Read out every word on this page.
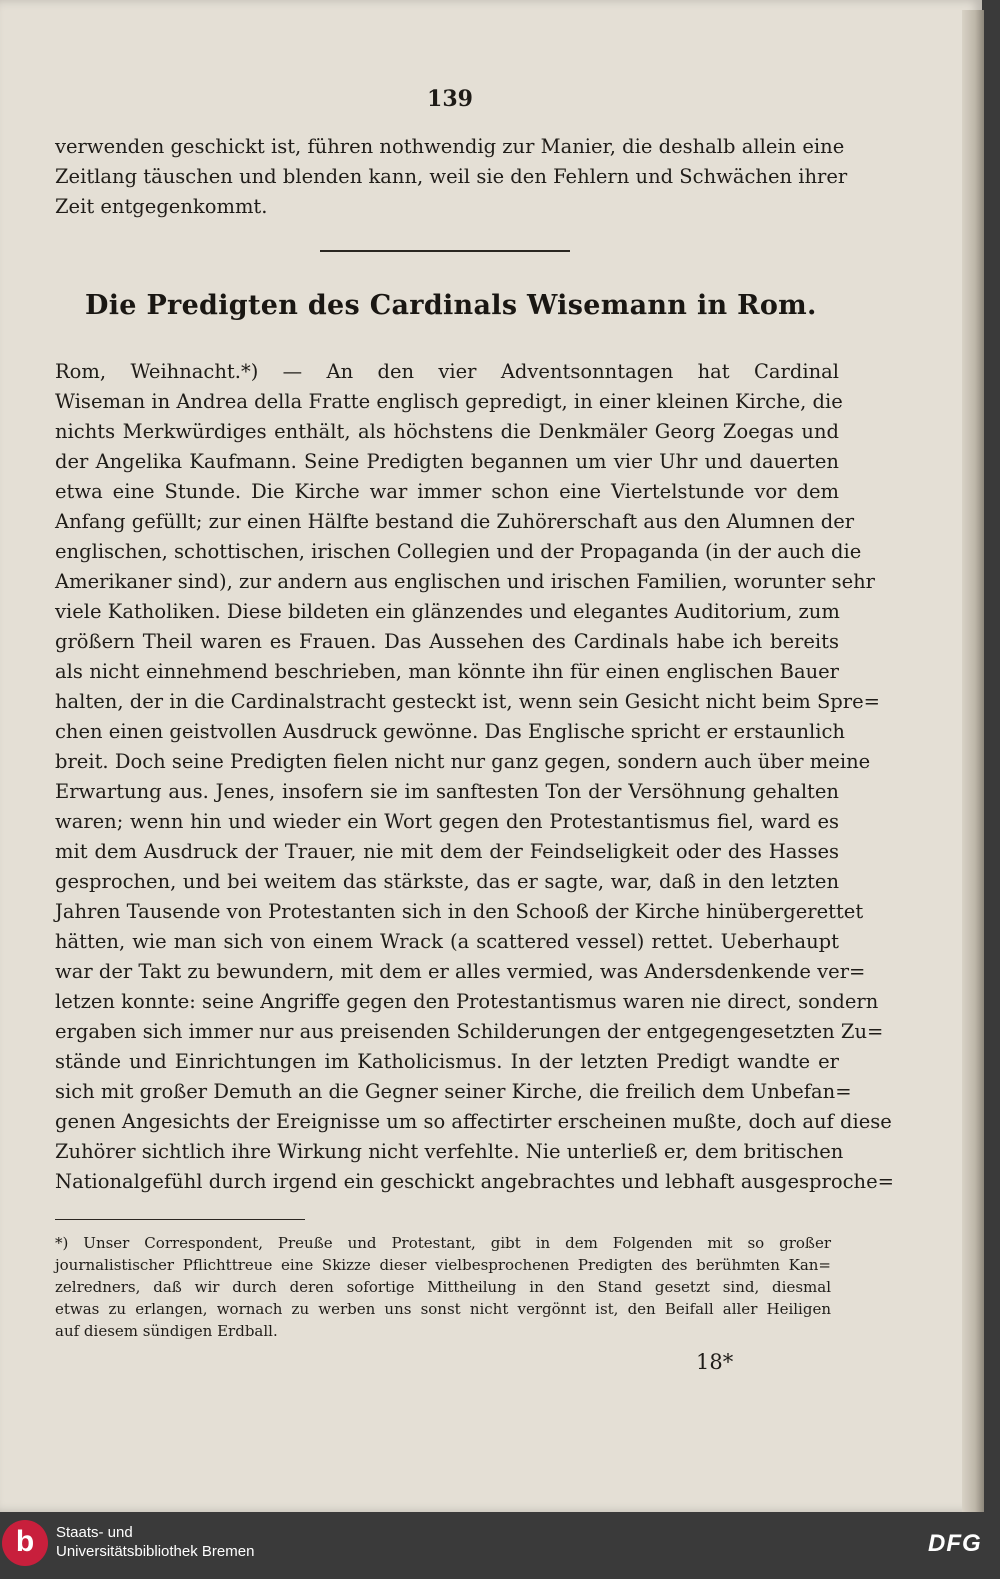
139
verwenden geschickt ist, führen nothwendig zur Manier, die deshalb allein eine
Zeitlang täuschen und blenden kann, weil sie den Fehlern und Schwächen ihrer
Zeit entgegenkommt.
Die Predigten des Cardinals Wisemann in Rom.
Rom, Weihnacht.*) — An den vier Adventsonntagen hat Cardinal
Wiseman in Andrea della Fratte englisch gepredigt, in einer kleinen Kirche, die
nichts Merkwürdiges enthält, als höchstens die Denkmäler Georg Zoegas und
der Angelika Kaufmann. Seine Predigten begannen um vier Uhr und dauerten
etwa eine Stunde. Die Kirche war immer schon eine Viertelstunde vor dem
Anfang gefüllt; zur einen Hälfte bestand die Zuhörerschaft aus den Alumnen der
englischen, schottischen, irischen Collegien und der Propaganda (in der auch die
Amerikaner sind), zur andern aus englischen und irischen Familien, worunter sehr
viele Katholiken. Diese bildeten ein glänzendes und elegantes Auditorium, zum
größern Theil waren es Frauen. Das Aussehen des Cardinals habe ich bereits
als nicht einnehmend beschrieben, man könnte ihn für einen englischen Bauer
halten, der in die Cardinalstracht gesteckt ist, wenn sein Gesicht nicht beim Spre=
chen einen geistvollen Ausdruck gewönne. Das Englische spricht er erstaunlich
breit. Doch seine Predigten fielen nicht nur ganz gegen, sondern auch über meine
Erwartung aus. Jenes, insofern sie im sanftesten Ton der Versöhnung gehalten
waren; wenn hin und wieder ein Wort gegen den Protestantismus fiel, ward es
mit dem Ausdruck der Trauer, nie mit dem der Feindseligkeit oder des Hasses
gesprochen, und bei weitem das stärkste, das er sagte, war, daß in den letzten
Jahren Tausende von Protestanten sich in den Schooß der Kirche hinübergerettet
hätten, wie man sich von einem Wrack (a scattered vessel) rettet. Ueberhaupt
war der Takt zu bewundern, mit dem er alles vermied, was Andersdenkende ver=
letzen konnte: seine Angriffe gegen den Protestantismus waren nie direct, sondern
ergaben sich immer nur aus preisenden Schilderungen der entgegengesetzten Zu=
stände und Einrichtungen im Katholicismus. In der letzten Predigt wandte er
sich mit großer Demuth an die Gegner seiner Kirche, die freilich dem Unbefan=
genen Angesichts der Ereignisse um so affectirter erscheinen mußte, doch auf diese
Zuhörer sichtlich ihre Wirkung nicht verfehlte. Nie unterließ er, dem britischen
Nationalgefühl durch irgend ein geschickt angebrachtes und lebhaft ausgesproche=
*) Unser Correspondent, Preuße und Protestant, gibt in dem Folgenden mit so großer
journalistischer Pflichttreue eine Skizze dieser vielbesprochenen Predigten des berühmten Kan=
zelredners, daß wir durch deren sofortige Mittheilung in den Stand gesetzt sind, diesmal
etwas zu erlangen, wornach zu werben uns sonst nicht vergönnt ist, den Beifall aller Heiligen
auf diesem sündigen Erdball.
18*
b	Staats- und
Universitätsbibliothek Bremen	DFG
